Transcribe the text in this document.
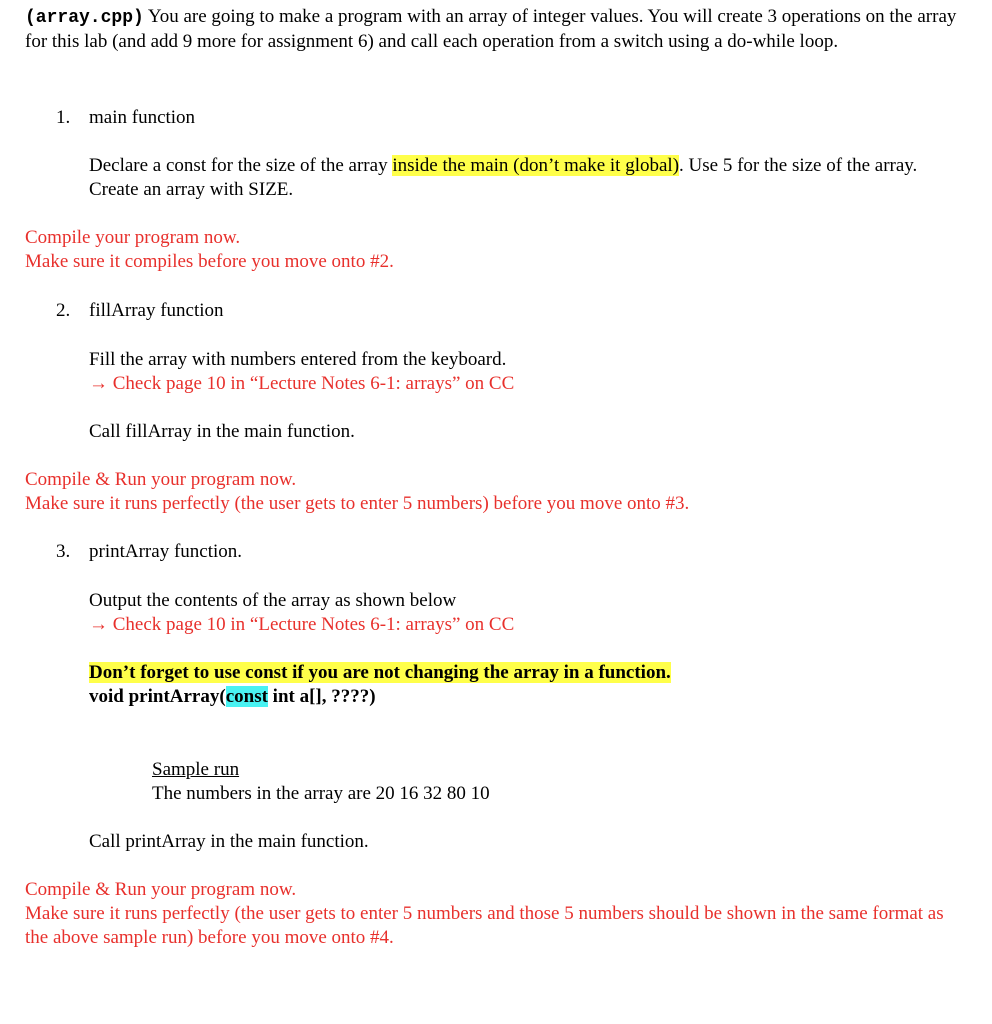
(array.cpp) You are going to make a program with an array of integer values. You will create 3 operations on the array for this lab (and add 9 more for assignment 6) and call each operation from a switch using a do-while loop.

1. main function

Declare a const for the size of the array inside the main (don’t make it global). Use 5 for the size of the array.

Create an array with SIZE.

Compile your program now.

Make sure it compiles before you move onto #2.

2. fillArray function

Fill the array with numbers entered from the keyboard.

→ Check page 10 in “Lecture Notes 6-1: arrays” on CC

Call fillArray in the main function.

Compile & Run your program now.

Make sure it runs perfectly (the user gets to enter 5 numbers) before you move onto #3.

3. printArray function.

Output the contents of the array as shown below

→ Check page 10 in “Lecture Notes 6-1: arrays” on CC

Don’t forget to use const if you are not changing the array in a function.

void printArray(const int a[], ????)

Sample run

The numbers in the array are 20 16 32 80 10

Call printArray in the main function.

Compile & Run your program now.

Make sure it runs perfectly (the user gets to enter 5 numbers and those 5 numbers should be shown in the same format as the above sample run) before you move onto #4.
